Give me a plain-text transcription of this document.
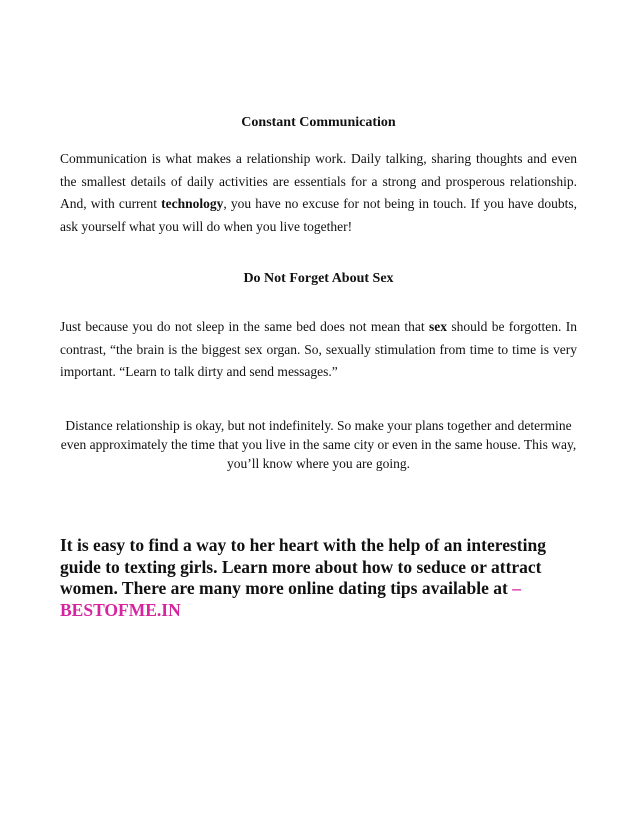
Constant Communication

Communication is what makes a relationship work. Daily talking, sharing thoughts and even the smallest details of daily activities are essentials for a strong and prosperous relationship. And, with current technology, you have no excuse for not being in touch. If you have doubts, ask yourself what you will do when you live together!

Do Not Forget About Sex

Just because you do not sleep in the same bed does not mean that sex should be forgotten. In contrast, “the brain is the biggest sex organ. So, sexually stimulation from time to time is very important. “Learn to talk dirty and send messages.”

Distance relationship is okay, but not indefinitely. So make your plans together and determine even approximately the time that you live in the same city or even in the same house. This way, you’ll know where you are going.

It is easy to find a way to her heart with the help of an interesting guide to texting girls. Learn more about how to seduce or attract women. There are many more online dating tips available at – BESTOFME.IN
